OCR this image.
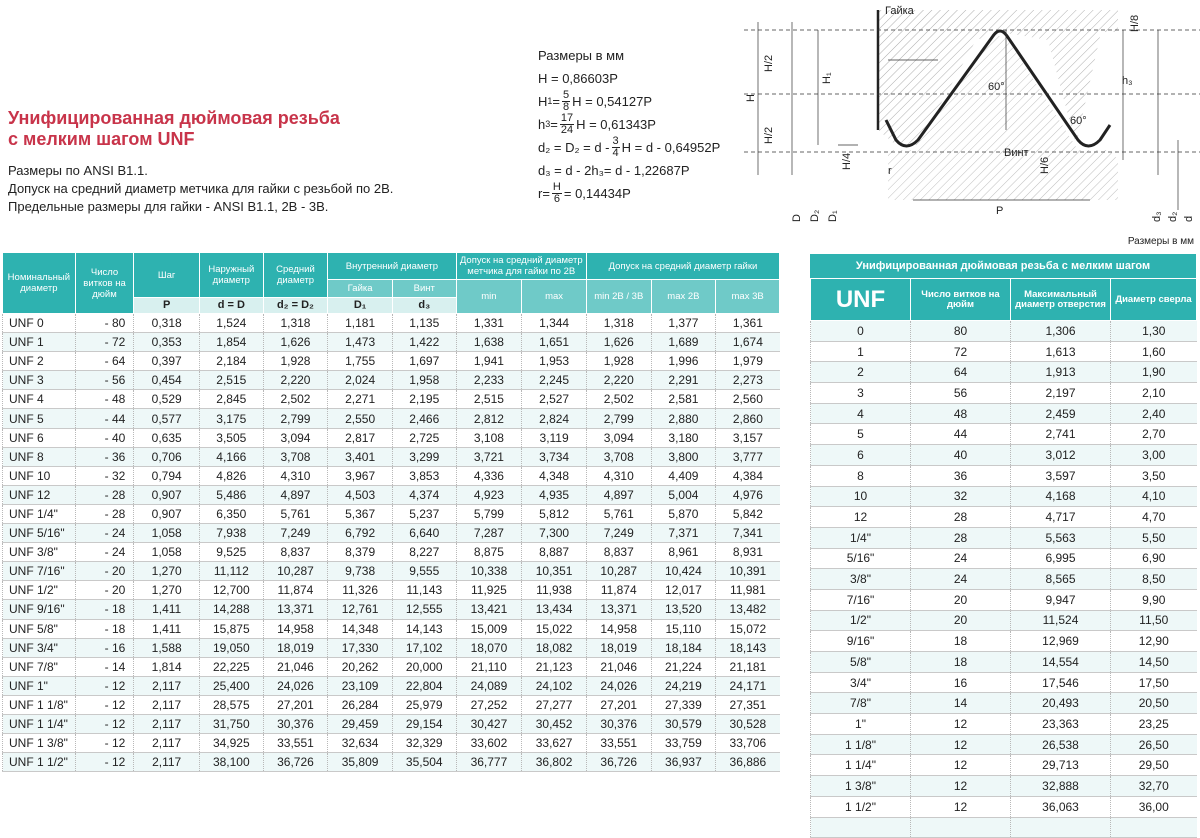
Унифицированная дюймовая резьба
с мелким шагом UNF
Размеры по ANSI B1.1.
Допуск на средний диаметр метчика для гайки с резьбой по 2В.
Предельные размеры для гайки - ANSI B1.1, 2В - 3В.
Размеры в мм
H = 0,86603P
H $1 = \frac{5}{8}$ H = 0,54127P
h $3 = \frac{17}{24}$ H = 0,61343P
$d_2 = D_2 = d - \frac{3}{4}$ H = d - 0,64952P
d₃ = d - 2h₃= d - 1,22687P
$r= \frac{H}{6} = 0,14434P$
Гайка
Винт
60°
60°
P
r
H
H/2
H/2
H₁	h₃
H/8
H/4	H/6
D D₂ D₁	d₃ d₂ d
Размеры в мм
Номинальный диаметр	Число витков на дюйм	Шаг	Наружный диаметр	Средний диаметр	Внутренний диаметр		Допуск на средний диаметр метчика для гайки по 2В		Допуск на средний диаметр гайки		
					Гайка	Винт	min	max	min 2B / 3B	max 2B	max 3B
		P	d = D	d₂ = D₂	D₁	d₃					
UNF 0	- 80	0,318	1,524	1,318	1,181	1,135	1,331	1,344	1,318	1,377	1,361
UNF 1	- 72	0,353	1,854	1,626	1,473	1,422	1,638	1,651	1,626	1,689	1,674
UNF 2	- 64	0,397	2,184	1,928	1,755	1,697	1,941	1,953	1,928	1,996	1,979
UNF 3	- 56	0,454	2,515	2,220	2,024	1,958	2,233	2,245	2,220	2,291	2,273
UNF 4	- 48	0,529	2,845	2,502	2,271	2,195	2,515	2,527	2,502	2,581	2,560
UNF 5	- 44	0,577	3,175	2,799	2,550	2,466	2,812	2,824	2,799	2,880	2,860
UNF 6	- 40	0,635	3,505	3,094	2,817	2,725	3,108	3,119	3,094	3,180	3,157
UNF 8	- 36	0,706	4,166	3,708	3,401	3,299	3,721	3,734	3,708	3,800	3,777
UNF 10	- 32	0,794	4,826	4,310	3,967	3,853	4,336	4,348	4,310	4,409	4,384
UNF 12	- 28	0,907	5,486	4,897	4,503	4,374	4,923	4,935	4,897	5,004	4,976
UNF 1/4"	- 28	0,907	6,350	5,761	5,367	5,237	5,799	5,812	5,761	5,870	5,842
UNF 5/16"	- 24	1,058	7,938	7,249	6,792	6,640	7,287	7,300	7,249	7,371	7,341
UNF 3/8"	- 24	1,058	9,525	8,837	8,379	8,227	8,875	8,887	8,837	8,961	8,931
UNF 7/16"	- 20	1,270	11,112	10,287	9,738	9,555	10,338	10,351	10,287	10,424	10,391
UNF 1/2"	- 20	1,270	12,700	11,874	11,326	11,143	11,925	11,938	11,874	12,017	11,981
UNF 9/16"	- 18	1,411	14,288	13,371	12,761	12,555	13,421	13,434	13,371	13,520	13,482
UNF 5/8"	- 18	1,411	15,875	14,958	14,348	14,143	15,009	15,022	14,958	15,110	15,072
UNF 3/4"	- 16	1,588	19,050	18,019	17,330	17,102	18,070	18,082	18,019	18,184	18,143
UNF 7/8"	- 14	1,814	22,225	21,046	20,262	20,000	21,110	21,123	21,046	21,224	21,181
UNF 1"	- 12	2,117	25,400	24,026	23,109	22,804	24,089	24,102	24,026	24,219	24,171
UNF 1 1/8"	- 12	2,117	28,575	27,201	26,284	25,979	27,252	27,277	27,201	27,339	27,351
UNF 1 1/4"	- 12	2,117	31,750	30,376	29,459	29,154	30,427	30,452	30,376	30,579	30,528
UNF 1 3/8"	- 12	2,117	34,925	33,551	32,634	32,329	33,602	33,627	33,551	33,759	33,706
UNF 1 1/2"	- 12	2,117	38,100	36,726	35,809	35,504	36,777	36,802	36,726	36,937	36,886
Унифицированная дюймовая резьба с мелким шагом
UNF	Число витков на дюйм	Максимальный диаметр отверстия	Диаметр сверла
0	80	1,306	1,30
1	72	1,613	1,60
2	64	1,913	1,90
3	56	2,197	2,10
4	48	2,459	2,40
5	44	2,741	2,70
6	40	3,012	3,00
8	36	3,597	3,50
10	32	4,168	4,10
12	28	4,717	4,70
1/4"	28	5,563	5,50
5/16"	24	6,995	6,90
3/8"	24	8,565	8,50
7/16"	20	9,947	9,90
1/2"	20	11,524	11,50
9/16"	18	12,969	12,90
5/8"	18	14,554	14,50
3/4"	16	17,546	17,50
7/8"	14	20,493	20,50
1"	12	23,363	23,25
1 1/8"	12	26,538	26,50
1 1/4"	12	29,713	29,50
1 3/8"	12	32,888	32,70
1 1/2"	12	36,063	36,00
